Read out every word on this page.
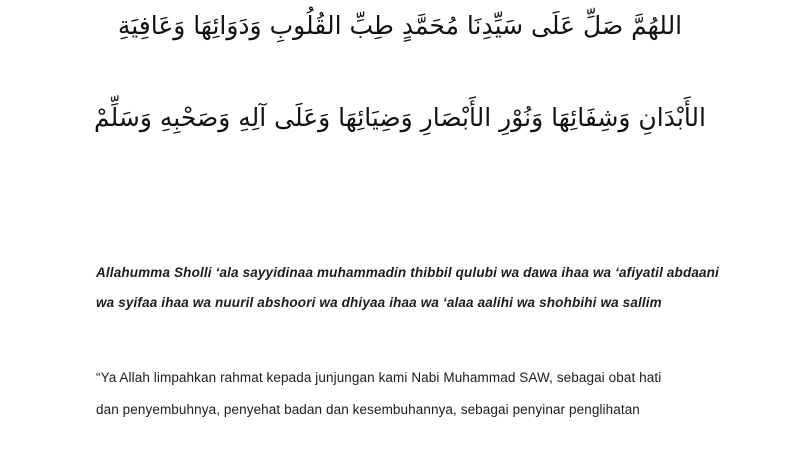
اللهُمَّ صَلِّ عَلَى سَيِّدِنَا مُحَمَّدٍ طِبِّ القُلُوبِ وَدَوَائِهَا وَعَافِيَةِ
الأَبْدَانِ وَشِفَائِهَا وَنُوْرِ الأَبْصَارِ وَضِيَائِهَا وَعَلَى آلِهِ وَصَحْبِهِ وَسَلِّمْ
Allahumma Sholli ‘ala sayyidinaa muhammadin thibbil qulubi wa dawa ihaa wa ‘afiyatil abdaani
wa syifaa ihaa wa nuuril abshoori wa dhiyaa ihaa wa ‘alaa aalihi wa shohbihi wa sallim
“Ya Allah limpahkan rahmat kepada junjungan kami Nabi Muhammad SAW, sebagai obat hati
dan penyembuhnya, penyehat badan dan kesembuhannya, sebagai penyinar penglihatan
